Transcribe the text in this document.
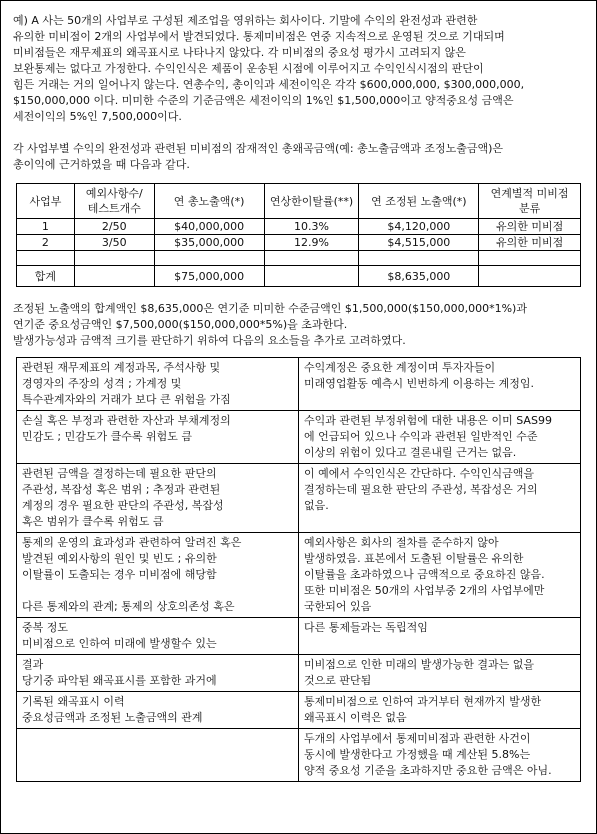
예) A 사는 50개의 사업부로 구성된 제조업을 영위하는 회사이다. 기말에 수익의 완전성과 관련한
유의한 미비점이 2개의 사업부에서 발견되었다. 통제미비점은 연중 지속적으로 운영된 것으로 기대되며
미비점들은 재무제표의 왜곡표시로 나타나지 않았다. 각 미비점의 중요성 평가시 고려되지 않은
보완통제는 없다고 가정한다. 수익인식은 제품이 운송된 시점에 이루어지고 수익인식시점의 판단이
힘든 거래는 거의 일어나지 않는다. 연총수익, 총이익과 세전이익은 각각 $600,000,000, $300,000,000,
$150,000,000 이다. 미미한 수준의 기준금액은 세전이익의 1%인 $1,500,000이고 양적중요성 금액은
세전이익의 5%인 7,500,000이다.
각 사업부별 수익의 완전성과 관련된 미비점의 잠재적인 총왜곡금액(예: 총노출금액과 조정노출금액)은
총이익에 근거하였을 때 다음과 같다.
사업부	예외사항수/
테스트개수	연 총노출액(*)	연상한이탈률(**)	연 조정된 노출액(*)	연계별적 미비점
분류

1	2/50	$40,000,000	10.3%	$4,120,000	유의한 미비점
2	3/50	$35,000,000	12.9%	$4,515,000	유의한 미비점

합계		$75,000,000		$8,635,000	
조정된 노출액의 합계액인 $8,635,000은 연기준 미미한 수준금액인 $1,500,000($150,000,000*1%)과
연기준 중요성금액인 $7,500,000($150,000,000*5%)을 초과한다.
발생가능성과 금액적 크기를 판단하기 위하여 다음의 요소들을 추가로 고려하였다.
관련된 재무제표의 계정과목, 주석사항 및
경영자의 주장의 성격 ; 가계정 및
특수관계자와의 거래가 보다 큰 위험을 가짐	수익계정은 중요한 계정이며 투자자들이
미래영업활동 예측시 빈번하게 이용하는 계정임.

손실 혹은 부정과 관련한 자산과 부채계정의
민감도 ; 민감도가 클수록 위험도 큼	수익과 관련된 부정위험에 대한 내용은 이미 SAS99
에 언급되어 있으나 수익과 관련된 일반적인 수준
이상의 위험이 있다고 결론내릴 근거는 없음.

관련된 금액을 결정하는데 필요한 판단의
주관성, 복잡성 혹은 범위 ; 추정과 관련된
계정의 경우 필요한 판단의 주관성, 복잡성
혹은 범위가 클수록 위험도 큼	이 예에서 수익인식은 간단하다. 수익인식금액을
결정하는데 필요한 판단의 주관성, 복잡성은 거의
없음.

통제의 운영의 효과성과 관련하여 알려진 혹은
발견된 예외사항의 원인 및 빈도 ; 유의한
이탈률이 도출되는 경우 미비점에 해당함
다른 통제와의 관계; 통제의 상호의존성 혹은	예외사항은 회사의 절차를 준수하지 않아
발생하였음. 표본에서 도출된 이탈률은 유의한
이탈률을 초과하였으나 금액적으로 중요하진 않음.
또한 미비점은 50개의 사업부중 2개의 사업부에만
국한되어 있음

중복 정도
미비점으로 인하여 미래에 발생할수 있는	다른 통제들과는 독립적임

결과
당기중 파악된 왜곡표시를 포함한 과거에	미비점으로 인한 미래의 발생가능한 결과는 없을
것으로 판단됨

기록된 왜곡표시 이력
중요성금액과 조정된 노출금액의 관계	통제미비점으로 인하여 과거부터 현재까지 발생한
왜곡표시 이력은 없음

	두개의 사업부에서 통제미비점과 관련한 사건이
동시에 발생한다고 가정했을 때 계산된 5.8%는
양적 중요성 기준을 초과하지만 중요한 금액은 아님.
